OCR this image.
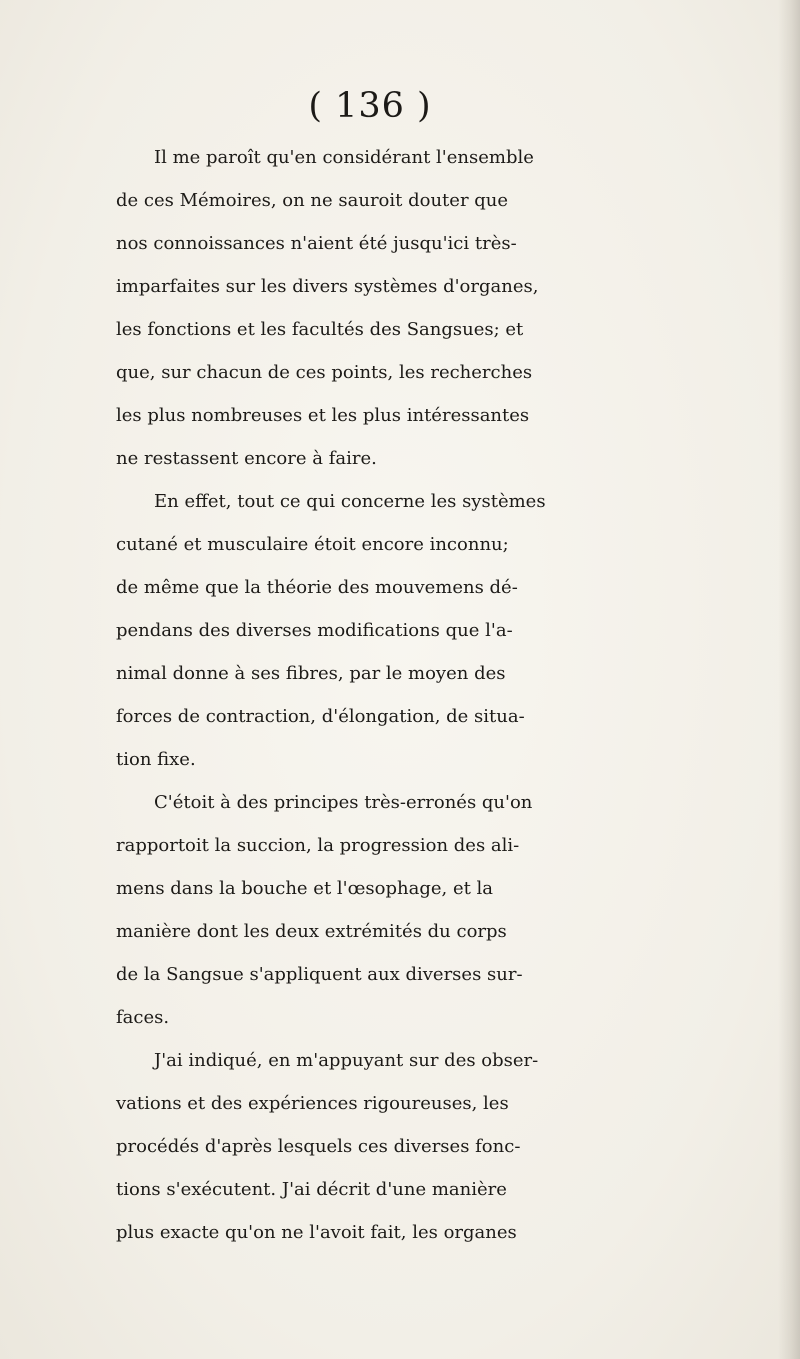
( 136 )
Il me paroît qu'en considérant l'ensemble
de ces Mémoires, on ne sauroit douter que
nos connoissances n'aient été jusqu'ici très-
imparfaites sur les divers systèmes d'organes,
les fonctions et les facultés des Sangsues; et
que, sur chacun de ces points, les recherches
les plus nombreuses et les plus intéressantes
ne restassent encore à faire.
En effet, tout ce qui concerne les systèmes
cutané et musculaire étoit encore inconnu;
de même que la théorie des mouvemens dé-
pendans des diverses modifications que l'a-
nimal donne à ses fibres, par le moyen des
forces de contraction, d'élongation, de situa-
tion fixe.
C'étoit à des principes très-erronés qu'on
rapportoit la succion, la progression des ali-
mens dans la bouche et l'œsophage, et la
manière dont les deux extrémités du corps
de la Sangsue s'appliquent aux diverses sur-
faces.
J'ai indiqué, en m'appuyant sur des obser-
vations et des expériences rigoureuses, les
procédés d'après lesquels ces diverses fonc-
tions s'exécutent. J'ai décrit d'une manière
plus exacte qu'on ne l'avoit fait, les organes
